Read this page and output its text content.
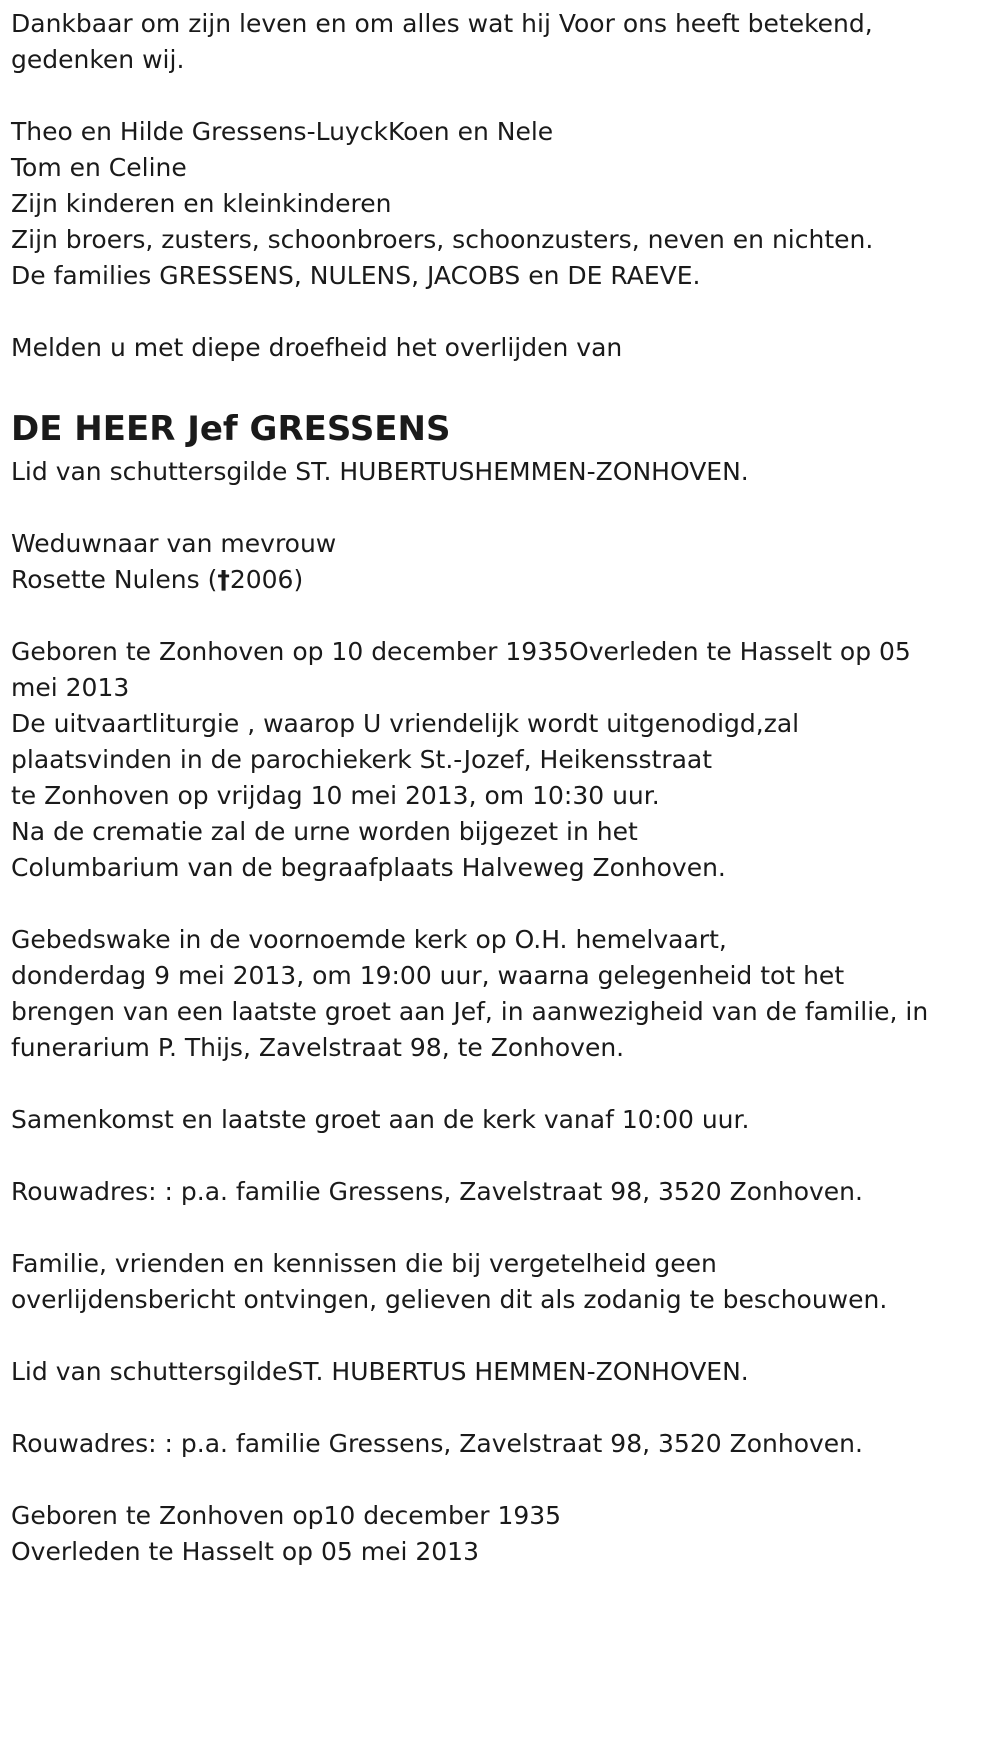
Dankbaar om zijn leven en om alles wat hij Voor ons heeft betekend,
gedenken wij.
Theo en Hilde Gressens-LuyckKoen en Nele
Tom en Celine
Zijn kinderen en kleinkinderen
Zijn broers, zusters, schoonbroers, schoonzusters, neven en nichten.
De families GRESSENS, NULENS, JACOBS en DE RAEVE.
Melden u met diepe droefheid het overlijden van
DE HEER Jef GRESSENS
Lid van schuttersgilde ST. HUBERTUSHEMMEN-ZONHOVEN.
Weduwnaar van mevrouw
Rosette Nulens (†2006)
Geboren te Zonhoven op 10 december 1935Overleden te Hasselt op 05
mei 2013
De uitvaartliturgie , waarop U vriendelijk wordt uitgenodigd,zal
plaatsvinden in de parochiekerk St.-Jozef, Heikensstraat
te Zonhoven op vrijdag 10 mei 2013, om 10:30 uur.
Na de crematie zal de urne worden bijgezet in het
Columbarium van de begraafplaats Halveweg Zonhoven.
Gebedswake in de voornoemde kerk op O.H. hemelvaart,
donderdag 9 mei 2013, om 19:00 uur, waarna gelegenheid tot het
brengen van een laatste groet aan Jef, in aanwezigheid van de familie, in
funerarium P. Thijs, Zavelstraat 98, te Zonhoven.
Samenkomst en laatste groet aan de kerk vanaf 10:00 uur.
Rouwadres: : p.a. familie Gressens, Zavelstraat 98, 3520 Zonhoven.
Familie, vrienden en kennissen die bij vergetelheid geen
overlijdensbericht ontvingen, gelieven dit als zodanig te beschouwen.
Lid van schuttersgildeST. HUBERTUS HEMMEN-ZONHOVEN.
Rouwadres: : p.a. familie Gressens, Zavelstraat 98, 3520 Zonhoven.
Geboren te Zonhoven op10 december 1935
Overleden te Hasselt op 05 mei 2013
